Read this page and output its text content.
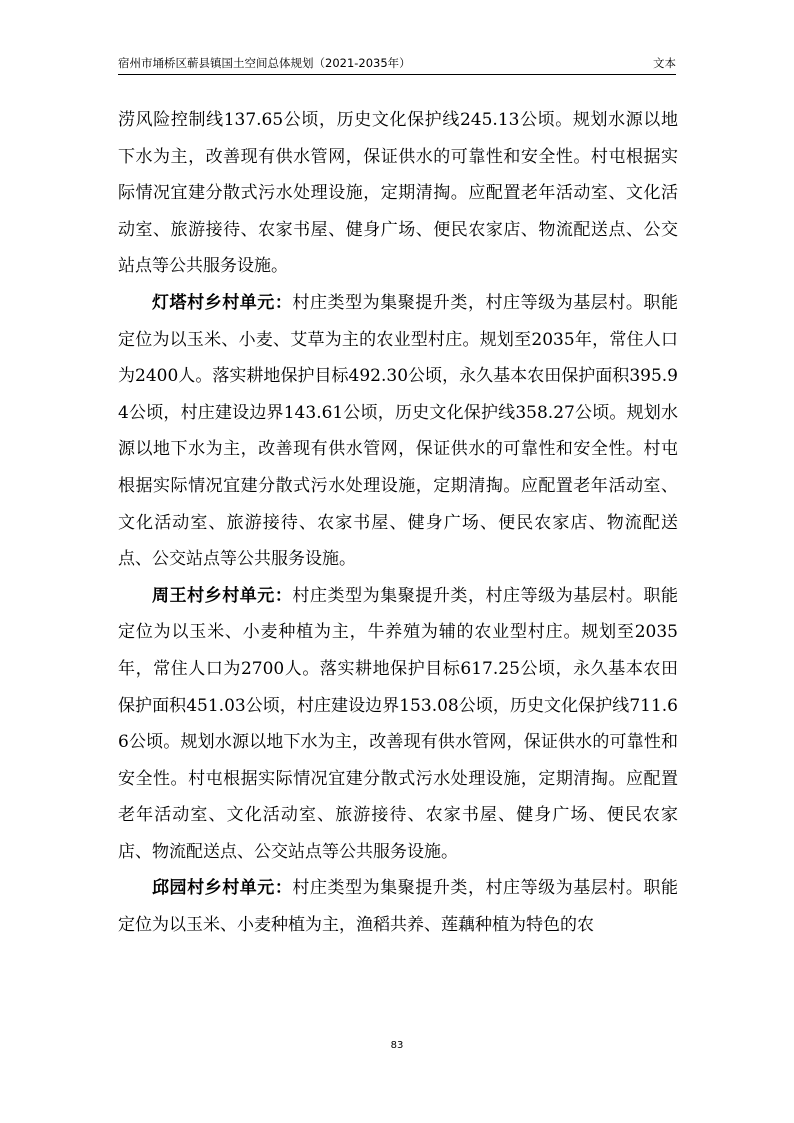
宿州市埇桥区蕲县镇国土空间总体规划（2021-2035年）	文本

涝风险控制线137.65公顷，历史文化保护线245.13公顷。规划水源以地下水为主，改善现有供水管网，保证供水的可靠性和安全性。村屯根据实际情况宜建分散式污水处理设施，定期清掏。应配置老年活动室、文化活动室、旅游接待、农家书屋、健身广场、便民农家店、物流配送点、公交站点等公共服务设施。

灯塔村乡村单元：村庄类型为集聚提升类，村庄等级为基层村。职能定位为以玉米、小麦、艾草为主的农业型村庄。规划至2035年，常住人口为2400人。落实耕地保护目标492.30公顷，永久基本农田保护面积395.94公顷，村庄建设边界143.61公顷，历史文化保护线358.27公顷。规划水源以地下水为主，改善现有供水管网，保证供水的可靠性和安全性。村屯根据实际情况宜建分散式污水处理设施，定期清掏。应配置老年活动室、文化活动室、旅游接待、农家书屋、健身广场、便民农家店、物流配送点、公交站点等公共服务设施。

周王村乡村单元：村庄类型为集聚提升类，村庄等级为基层村。职能定位为以玉米、小麦种植为主，牛养殖为辅的农业型村庄。规划至2035年，常住人口为2700人。落实耕地保护目标617.25公顷，永久基本农田保护面积451.03公顷，村庄建设边界153.08公顷，历史文化保护线711.66公顷。规划水源以地下水为主，改善现有供水管网，保证供水的可靠性和安全性。村屯根据实际情况宜建分散式污水处理设施，定期清掏。应配置老年活动室、文化活动室、旅游接待、农家书屋、健身广场、便民农家店、物流配送点、公交站点等公共服务设施。

邱园村乡村单元：村庄类型为集聚提升类，村庄等级为基层村。职能定位为以玉米、小麦种植为主，渔稻共养、莲藕种植为特色的农

83
